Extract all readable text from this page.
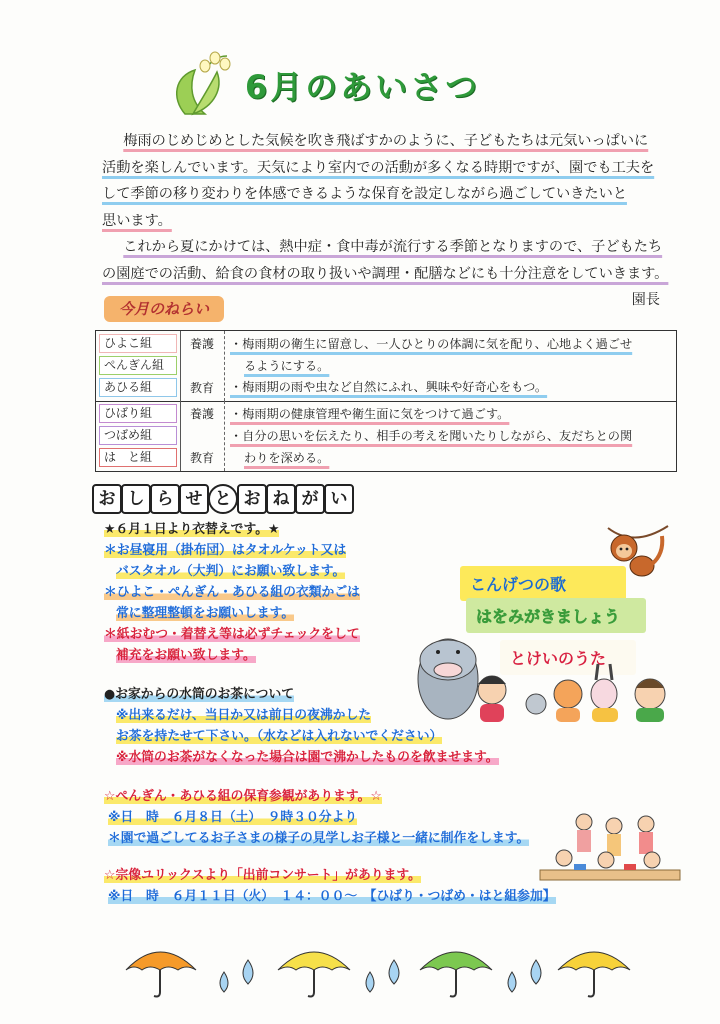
6月のあいさつ

  梅雨のじめじめとした気候を吹き飛ばすかのように、子どもたちは元気いっぱいに

活動を楽しんでいます。天気により室内での活動が多くなる時期ですが、園でも工夫を

して季節の移り変わりを体感できるような保育を設定しながら過ごしていきたいと

思います。

  これから夏にかけては、熱中症・食中毒が流行する季節となりますので、子どもたち

の園庭での活動、給食の食材の取り扱いや調理・配膳などにも十分注意をしていきます。

園長

今月のねらい
ひよこ組
ぺんぎん組
あひる組
養護
教育
・梅雨期の衛生に留意し、一人ひとりの体調に気を配り、心地よく過ごせ
るようにする。
・梅雨期の雨や虫など自然にふれ、興味や好奇心をもつ。
ひばり組
つばめ組
は　と組
養護
教育
・梅雨期の健康管理や衛生面に気をつけて過ごす。
・自分の思いを伝えたり、相手の考えを聞いたりしながら、友だちとの関
わりを深める。
お し ら せ と お ね が い

★６月１日より衣替えです。★

＊お昼寝用（掛布団）はタオルケット又は

バスタオル（大判）にお願い致します。

＊ひよこ・ぺんぎん・あひる組の衣類かごは

常に整理整頓をお願いします。

＊紙おむつ・着替え等は必ずチェックをして

補充をお願い致します。

●お家からの水筒のお茶について

※出来るだけ、当日か又は前日の夜沸かした

お茶を持たせて下さい。（水などは入れないでください）

※水筒のお茶がなくなった場合は園で沸かしたものを飲ませます。

☆ぺんぎん・あひる組の保育参観があります。☆

※日　時　６月８日（土）　９時３０分より

＊園で過ごしてるお子さまの様子の見学しお子様と一緒に制作をします。

☆宗像ユリックスより「出前コンサート」があります。

※日　時　６月１１日（火）　１４：００～　【ひばり・つばめ・はと組参加】

こんげつの歌
はをみがきましょう
とけいのうた
